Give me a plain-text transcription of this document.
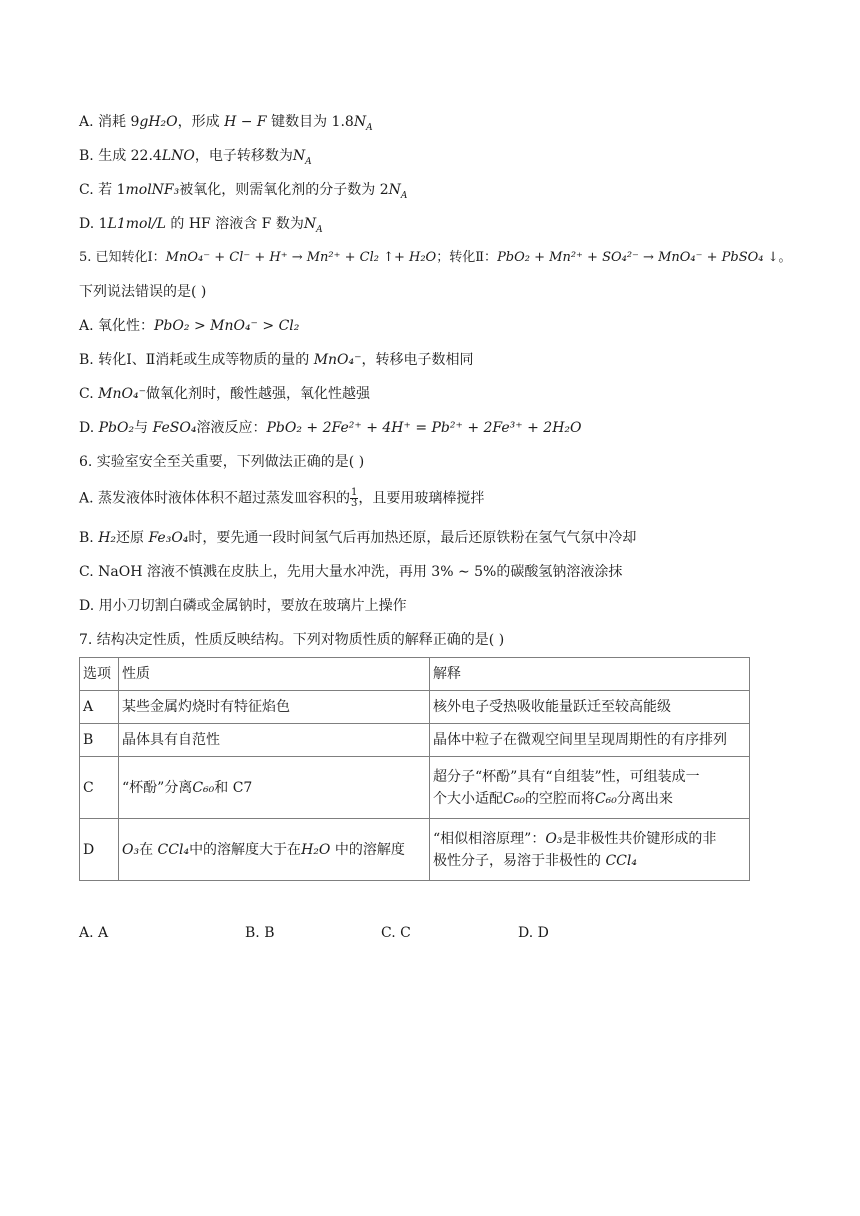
A. 消耗 9gH₂O，形成 H − F 键数目为 $1.8N_A$
B. 生成 22.4LNO，电子转移数为$N_A$
C. 若 1molNF₃被氧化，则需氧化剂的分子数为 $2N_A$
D. 1L1mol/L 的 HF 溶液含 F 数为$N_A$
5. 已知转化Ⅰ：MnO₄⁻ + Cl⁻ + H⁺ → Mn²⁺ + Cl₂ ↑+ H₂O；转化Ⅱ：PbO₂ + Mn²⁺ + SO₄²⁻ → MnO₄⁻ + PbSO₄ ↓。
下列说法错误的是( )
A. 氧化性：PbO₂ > MnO₄⁻ > Cl₂
B. 转化Ⅰ、Ⅱ消耗或生成等物质的量的 MnO₄⁻，转移电子数相同
C. MnO₄⁻做氧化剂时，酸性越强，氧化性越强
D. PbO₂与 FeSO₄溶液反应：PbO₂ + 2Fe²⁺ + 4H⁺ = Pb²⁺ + 2Fe³⁺ + 2H₂O
6. 实验室安全至关重要，下列做法正确的是( )
A. 蒸发液体时液体体积不超过蒸发皿容积的 $\frac{1}{3}$ ，且要用玻璃棒搅拌
B. H₂还原 Fe₃O₄时，要先通一段时间氢气后再加热还原，最后还原铁粉在氢气气氛中冷却
C. NaOH 溶液不慎溅在皮肤上，先用大量水冲洗，再用 3% ∼ 5%的碳酸氢钠溶液涂抹
D. 用小刀切割白磷或金属钠时，要放在玻璃片上操作
7. 结构决定性质，性质反映结构。下列对物质性质的解释正确的是( )
选项	性质	解释
A	某些金属灼烧时有特征焰色	核外电子受热吸收能量跃迁至较高能级
B	晶体具有自范性	晶体中粒子在微观空间里呈现周期性的有序排列
C	“杯酚”分离C₆₀和 C7	超分子“杯酚”具有“自组装”性，可组装成一
个大小适配C₆₀的空腔而将C₆₀分离出来

D	O₃在 CCl₄中的溶解度大于在H₂O 中的溶解度	“相似相溶原理”：O₃是非极性共价键形成的非
极性分子，易溶于非极性的 CCl₄
A. A	B. B	C. C	D. D
